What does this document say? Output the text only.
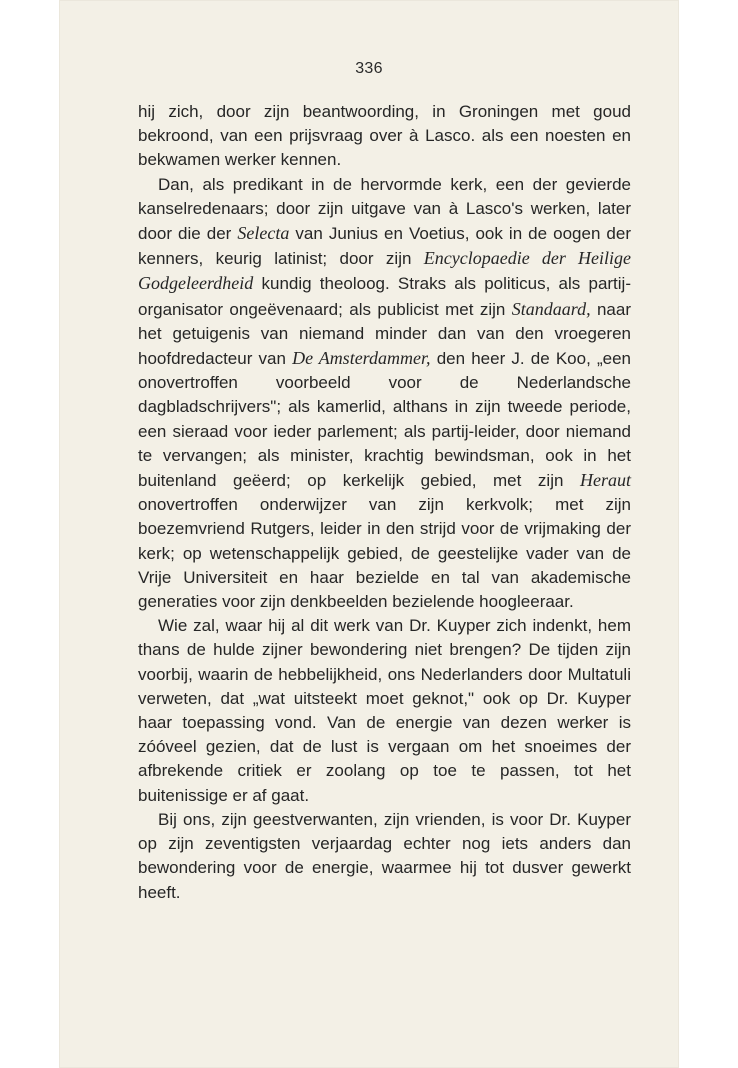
336

hij zich, door zijn beantwoording, in Groningen met goud bekroond, van een prijsvraag over à Lasco. als een noesten en bekwamen werker kennen.

Dan, als predikant in de hervormde kerk, een der gevierde kanselredenaars; door zijn uitgave van à Lasco's werken, later door die der Selecta van Junius en Voetius, ook in de oogen der kenners, keurig latinist; door zijn Encyclopaedie der Heilige Godgeleerdheid kundig theoloog. Straks als politicus, als partij-organisator ongeëvenaard; als publicist met zijn Standaard, naar het getuigenis van niemand minder dan van den vroegeren hoofdredacteur van De Amsterdammer, den heer J. de Koo, „een onovertroffen voorbeeld voor de Nederlandsche dagbladschrijvers"; als kamerlid, althans in zijn tweede periode, een sieraad voor ieder parlement; als partij-leider, door niemand te vervangen; als minister, krachtig bewindsman, ook in het buitenland geëerd; op kerkelijk gebied, met zijn Heraut onovertroffen onderwijzer van zijn kerkvolk; met zijn boezemvriend Rutgers, leider in den strijd voor de vrijmaking der kerk; op wetenschappelijk gebied, de geestelijke vader van de Vrije Universiteit en haar bezielde en tal van akademische generaties voor zijn denkbeelden bezielende hoogleeraar.

Wie zal, waar hij al dit werk van Dr. Kuyper zich indenkt, hem thans de hulde zijner bewondering niet brengen? De tijden zijn voorbij, waarin de hebbelijkheid, ons Nederlanders door Multatuli verweten, dat „wat uitsteekt moet geknot," ook op Dr. Kuyper haar toepassing vond. Van de energie van dezen werker is zóóveel gezien, dat de lust is vergaan om het snoeimes der afbrekende critiek er zoolang op toe te passen, tot het buitenissige er af gaat.

Bij ons, zijn geestverwanten, zijn vrienden, is voor Dr. Kuyper op zijn zeventigsten verjaardag echter nog iets anders dan bewondering voor de energie, waarmee hij tot dusver gewerkt heeft.
